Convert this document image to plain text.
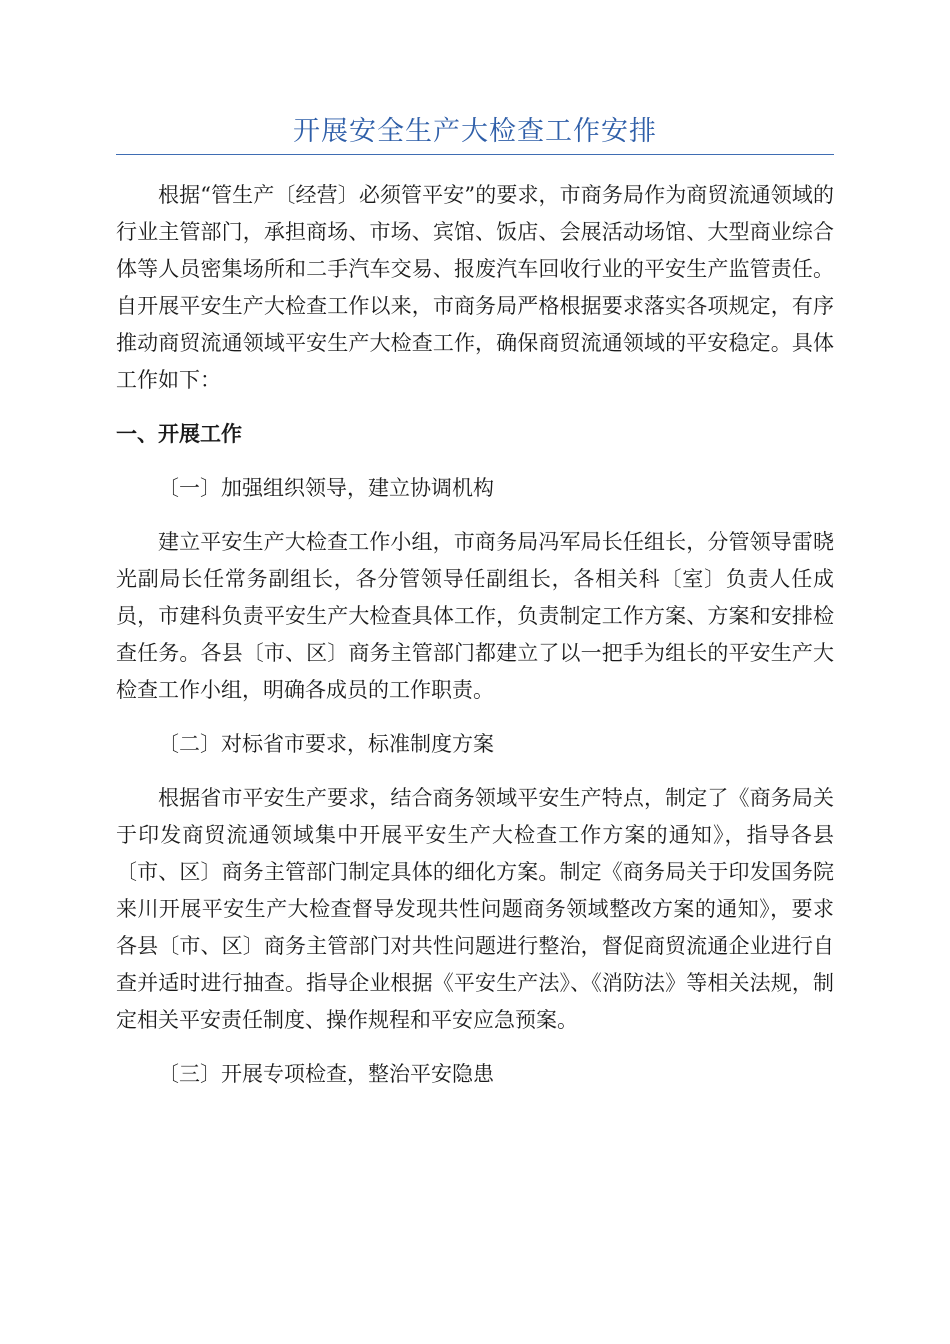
开展安全生产大检查工作安排

根据“管生产〔经营〕必须管平安”的要求，市商务局作为商贸流通领域的行业主管部门，承担商场、市场、宾馆、饭店、会展活动场馆、大型商业综合体等人员密集场所和二手汽车交易、报废汽车回收行业的平安生产监管责任。自开展平安生产大检查工作以来，市商务局严格根据要求落实各项规定，有序推动商贸流通领域平安生产大检查工作，确保商贸流通领域的平安稳定。具体工作如下：

一、开展工作
〔一〕加强组织领导，建立协调机构

建立平安生产大检查工作小组，市商务局冯军局长任组长，分管领导雷晓光副局长任常务副组长，各分管领导任副组长，各相关科〔室〕负责人任成员，市建科负责平安生产大检查具体工作，负责制定工作方案、方案和安排检查任务。各县〔市、区〕商务主管部门都建立了以一把手为组长的平安生产大检查工作小组，明确各成员的工作职责。

〔二〕对标省市要求，标准制度方案

根据省市平安生产要求，结合商务领域平安生产特点，制定了《商务局关于印发商贸流通领域集中开展平安生产大检查工作方案的通知》，指导各县〔市、区〕商务主管部门制定具体的细化方案。制定《商务局关于印发国务院来川开展平安生产大检查督导发现共性问题商务领域整改方案的通知》，要求各县〔市、区〕商务主管部门对共性问题进行整治，督促商贸流通企业进行自查并适时进行抽查。指导企业根据《平安生产法》、《消防法》等相关法规，制定相关平安责任制度、操作规程和平安应急预案。

〔三〕开展专项检查，整治平安隐患
